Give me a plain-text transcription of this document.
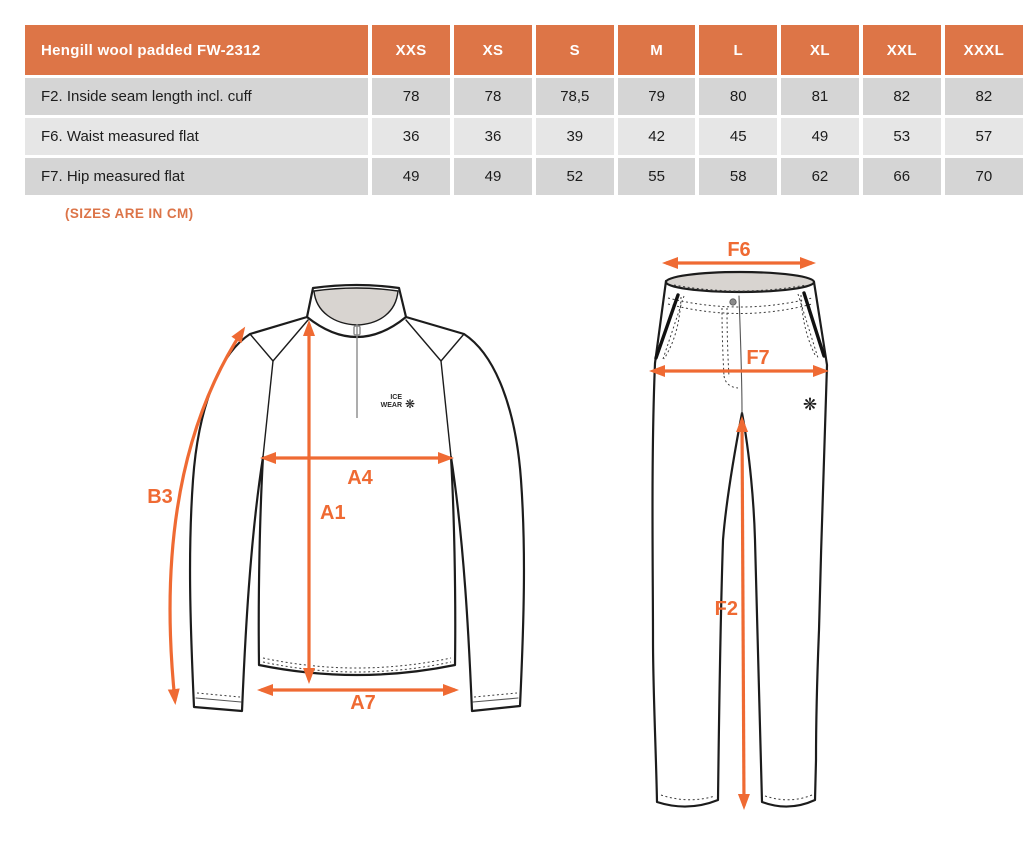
Hengill wool padded FW-2312	XXS	XS	S	M	L	XL	XXL	XXXL
F2. Inside seam length incl. cuff	78	78	78,5	79	80	81	82	82
F6. Waist measured flat	36	36	39	42	45	49	53	57
F7. Hip measured flat	49	49	52	55	58	62	66	70
(SIZES ARE IN CM)
ICE
WEAR ❋
B3
A4
A1
A7
❋
F6
F7
F2
